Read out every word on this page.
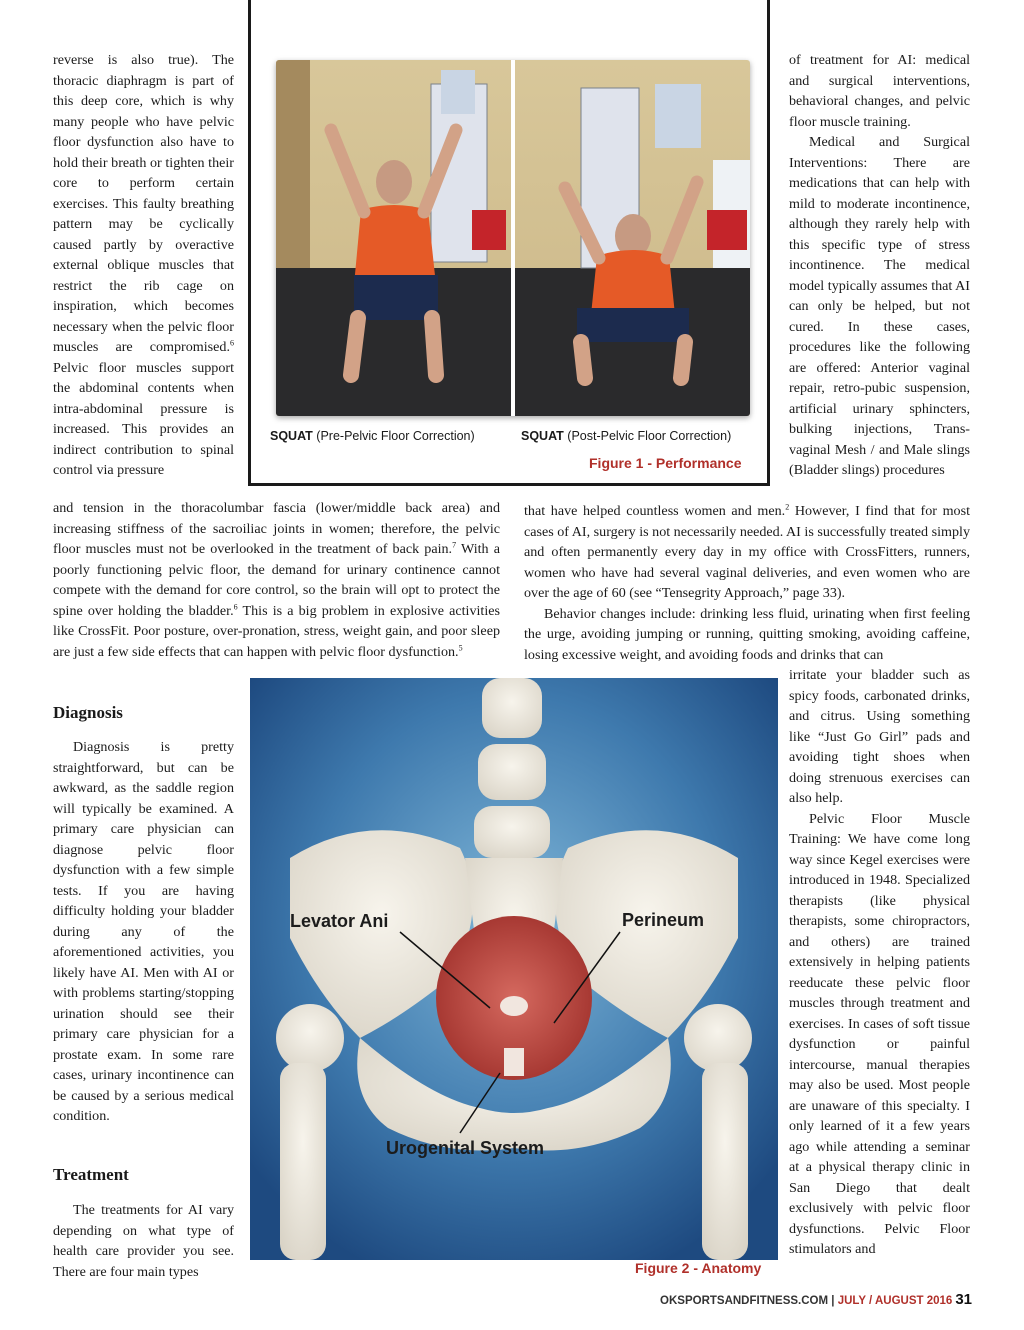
reverse is also true). The thoracic diaphragm is part of this deep core, which is why many people who have pelvic floor dysfunction also have to hold their breath or tighten their core to perform certain exercises. This faulty breathing pattern may be cyclically caused partly by overactive external oblique muscles that restrict the rib cage on inspiration, which becomes necessary when the pelvic floor muscles are compromised.$^6$ Pelvic floor muscles support the abdominal contents when intra-abdominal pressure is increased. This provides an indirect contribution to spinal control via pressure
and tension in the thoracolumbar fascia (lower/middle back area) and increasing stiffness of the sacroiliac joints in women; therefore, the pelvic floor muscles must not be overlooked in the treatment of back pain.$^7$ With a poorly functioning pelvic floor, the demand for urinary continence cannot compete with the demand for core control, so the brain will opt to protect the spine over holding the bladder.$^6$ This is a big problem in explosive activities like CrossFit. Poor posture, over-pronation, stress, weight gain, and poor sleep are just a few side effects that can happen with pelvic floor dysfunction.$^5$
Diagnosis

Diagnosis is pretty straightforward, but can be awkward, as the saddle region will typically be examined. A primary care physician can diagnose pelvic floor dysfunction with a few simple tests. If you are having difficulty holding your bladder during any of the aforementioned activities, you likely have AI. Men with AI or with problems starting/stopping urination should see their primary care physician for a prostate exam. In some rare cases, urinary incontinence can be caused by a serious medical condition.

Treatment

The treatments for AI vary depending on what type of health care provider you see. There are four main types

of treatment for AI: medical and surgical interventions, behavioral changes, and pelvic floor muscle training.

Medical and Surgical Interventions: There are medications that can help with mild to moderate incontinence, although they rarely help with this specific type of stress incontinence. The medical model typically assumes that AI can only be helped, but not cured. In these cases, procedures like the following are offered: Anterior vaginal repair, retro-pubic suspension, artificial urinary sphincters, bulking injections, Trans-vaginal Mesh / and Male slings (Bladder slings) procedures

that have helped countless women and men.$^2$ However, I find that for most cases of AI, surgery is not necessarily needed. AI is successfully treated simply and often permanently every day in my office with CrossFitters, runners, women who have had several vaginal deliveries, and even women who are over the age of 60 (see “Tensegrity Approach,” page 33).

Behavior changes include: drinking less fluid, urinating when first feeling the urge, avoiding jumping or running, quitting smoking, avoiding caffeine, losing excessive weight, and avoiding foods and drinks that can

irritate your bladder such as spicy foods, carbonated drinks, and citrus. Using something like “Just Go Girl” pads and avoiding tight shoes when doing strenuous exercises can also help.

Pelvic Floor Muscle Training: We have come long way since Kegel exercises were introduced in 1948. Specialized therapists (like physical therapists, some chiropractors, and others) are trained extensively in helping patients reeducate these pelvic floor muscles through treatment and exercises. In cases of soft tissue dysfunction or painful intercourse, manual therapies may also be used. Most people are unaware of this specialty. I only learned of it a few years ago while attending a seminar at a physical therapy clinic in San Diego that dealt exclusively with pelvic floor dysfunctions. Pelvic Floor stimulators and

SQUAT (Pre-Pelvic Floor Correction)	SQUAT (Post-Pelvic Floor Correction)
Figure 1 - Performance
Levator Ani	Perineum
Urogenital System
Figure 2 - Anatomy
OKSPORTSANDFITNESS.COM | JULY / AUGUST 2016 31
